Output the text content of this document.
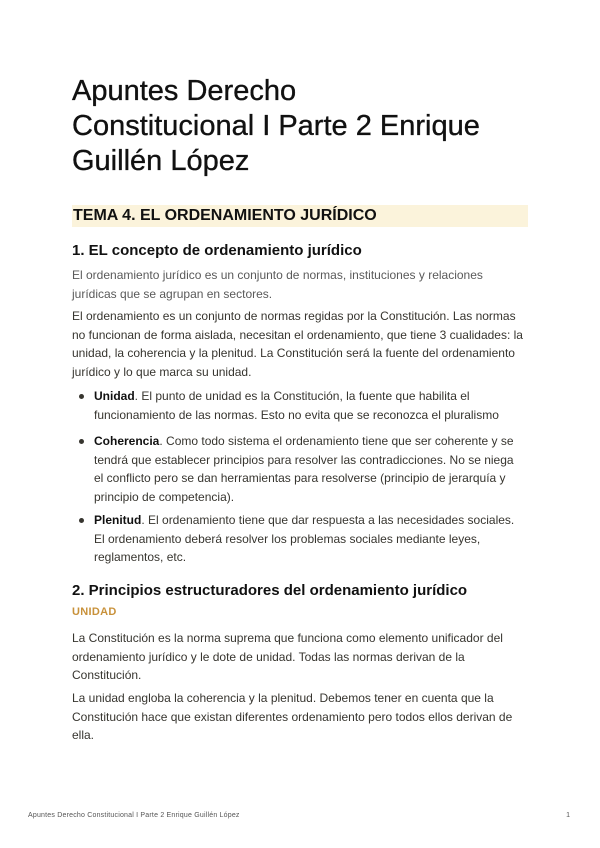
Apuntes Derecho
Constitucional I Parte 2 Enrique
Guillén López
TEMA 4. EL ORDENAMIENTO JURÍDICO
1. EL concepto de ordenamiento jurídico

El ordenamiento jurídico es un conjunto de normas, instituciones y relaciones
jurídicas que se agrupan en sectores.

El ordenamiento es un conjunto de normas regidas por la Constitución. Las normas
no funcionan de forma aislada, necesitan el ordenamiento, que tiene 3 cualidades: la
unidad, la coherencia y la plenitud. La Constitución será la fuente del ordenamiento
jurídico y lo que marca su unidad.

Unidad. El punto de unidad es la Constitución, la fuente que habilita el
funcionamiento de las normas. Esto no evita que se reconozca el pluralismo
Coherencia. Como todo sistema el ordenamiento tiene que ser coherente y se
tendrá que establecer principios para resolver las contradicciones. No se niega
el conflicto pero se dan herramientas para resolverse (principio de jerarquía y
principio de competencia).
Plenitud. El ordenamiento tiene que dar respuesta a las necesidades sociales.
El ordenamiento deberá resolver los problemas sociales mediante leyes,
reglamentos, etc.
2. Principios estructuradores del ordenamiento jurídico
UNIDAD

La Constitución es la norma suprema que funciona como elemento unificador del
ordenamiento jurídico y le dote de unidad. Todas las normas derivan de la
Constitución.

La unidad engloba la coherencia y la plenitud. Debemos tener en cuenta que la
Constitución hace que existan diferentes ordenamiento pero todos ellos derivan de
ella.

Apuntes Derecho Constitucional I Parte 2 Enrique Guillén López	1
